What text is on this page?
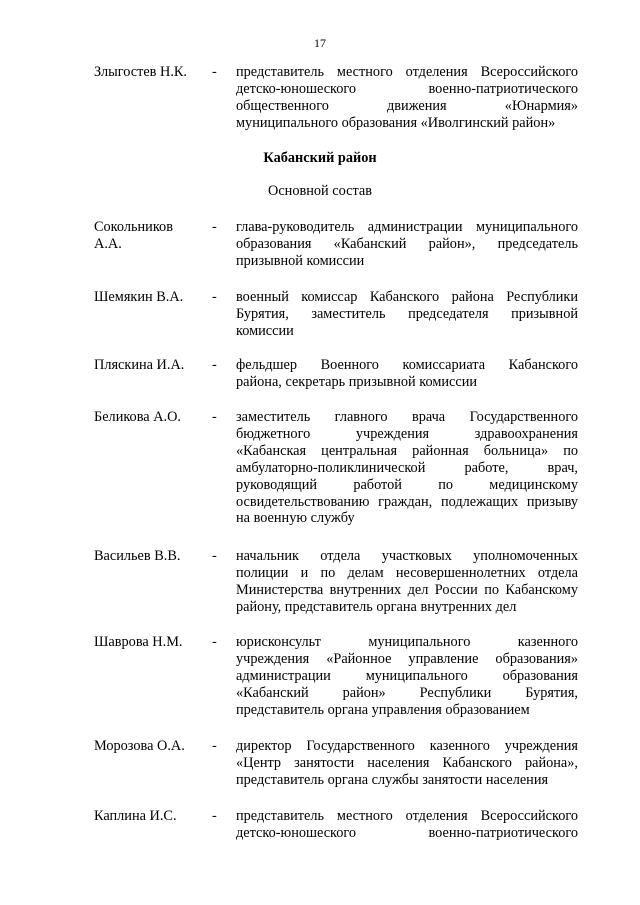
17
Злыгостев Н.К.	- представитель местного отделения Всероссийского
детско-юношеского военно-патриотического
общественного движения «Юнармия»
муниципального образования «Иволгинский район»
Кабанский район
Основной состав
Сокольников
А.А.
- глава-руководитель администрации муниципального
образования «Кабанский район», председатель
призывной комиссии
Шемякин В.А.	- военный комиссар Кабанского района Республики
Бурятия, заместитель председателя призывной
комиссии
Пляскина И.А.	- фельдшер Военного комиссариата Кабанского
района, секретарь призывной комиссии
Беликова А.О.	- заместитель главного врача Государственного
бюджетного учреждения здравоохранения
«Кабанская центральная районная больница» по
амбулаторно-поликлинической работе, врач,
руководящий работой по медицинскому
освидетельствованию граждан, подлежащих призыву
на военную службу
Васильев В.В.	- начальник отдела участковых уполномоченных
полиции и по делам несовершеннолетних отдела
Министерства внутренних дел России по Кабанскому
району, представитель органа внутренних дел
Шаврова Н.М.	- юрисконсульт муниципального казенного
учреждения «Районное управление образования»
администрации муниципального образования
«Кабанский район» Республики Бурятия,
представитель органа управления образованием
Морозова О.А.	- директор Государственного казенного учреждения
«Центр занятости населения Кабанского района»,
представитель органа службы занятости населения
Каплина И.С.	- представитель местного отделения Всероссийского
детско-юношеского военно-патриотического
